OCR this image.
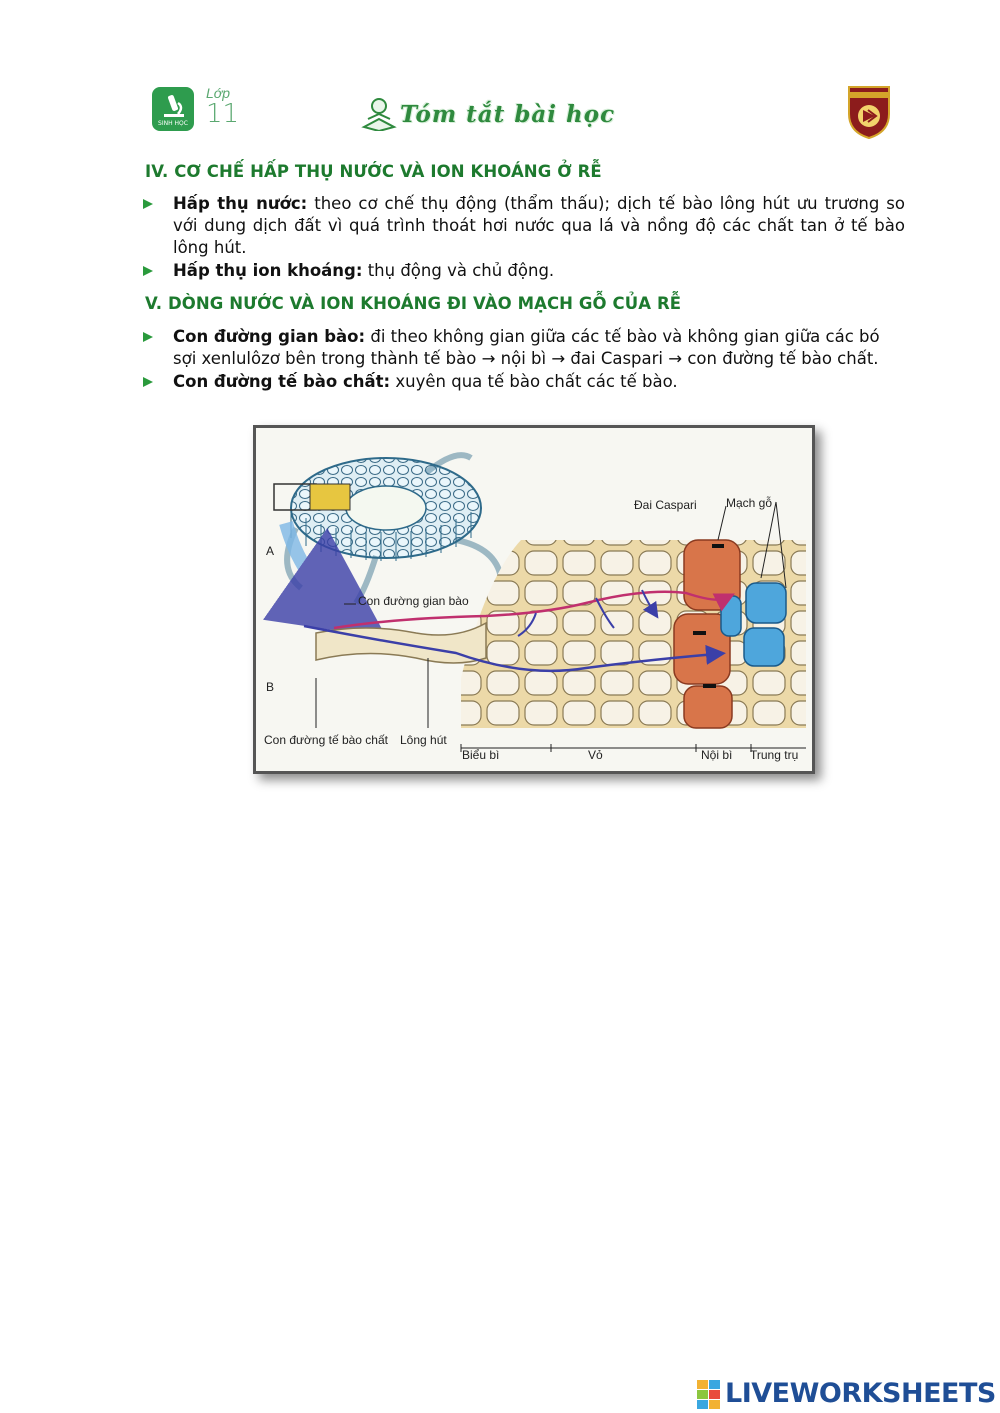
SINH HỌC
Lớp
11	Tóm tắt bài học
IV. CƠ CHẾ HẤP THỤ NƯỚC VÀ ION KHOÁNG Ở RỄ
Hấp thụ nước: theo cơ chế thụ động (thẩm thấu); dịch tế bào lông hút ưu trương so với dung dịch đất vì quá trình thoát hơi nước qua lá và nồng độ các chất tan ở tế bào lông hút.
Hấp thụ ion khoáng: thụ động và chủ động.
V. DÒNG NƯỚC VÀ ION KHOÁNG ĐI VÀO MẠCH GỖ CỦA RỄ
Con đường gian bào: đi theo không gian giữa các tế bào và không gian giữa các bó sợi xenlulôzơ bên trong thành tế bào → nội bì → đai Caspari → con đường tế bào chất.
Con đường tế bào chất: xuyên qua tế bào chất các tế bào.
A
B
Con đường gian bào
Con đường tế bào chất Lông hút
Đai Caspari Mạch gỗ
Biểu bì	Vỏ	Nội bì Trung trụ
LIVEWORKSHEETS
